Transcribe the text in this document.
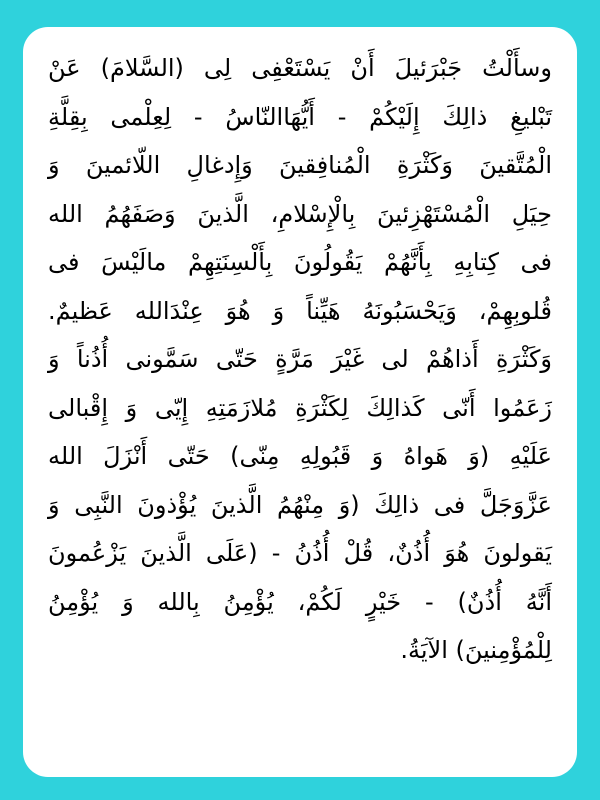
وسأَلْتُ جَبْرَئيلَ أَنْ يَسْتَعْفِى لِى (السَّلامَ) عَنْ
تَبْليغِ ذالِكَ إِلَيْكُمْ - أَيُّهَاالنّاسُ - لِعِلْمى بِقِلَّةِ
الْمُتَّقينَ وَكَثْرَةِ الْمُنافِقينَ وَإِدغالِ اللّائمينَ وَ
حِيَلِ الْمُسْتَهْزِئينَ بِالْإِسْلامِ، الَّذينَ وَصَفَهُمُ الله
فى كِتابِهِ بِأَنَّهُمْ يَقُولُونَ بِأَلْسِنَتِهِمْ مالَيْسَ فى
قُلوبِهِمْ، وَيَحْسَبُونَهُ هَيِّناً وَ هُوَ عِنْدَالله عَظيمٌ.
وَكَثْرَةِ أَذاهُمْ لى غَيْرَ مَرَّةٍ حَتّى سَمَّونى أُذُناً وَ
زَعَمُوا أَنّى كَذالِكَ لِكَثْرَةِ مُلازَمَتِهِ إِيّى وَ إِقْبالى
عَلَيْهِ (وَ هَواهُ وَ قَبُولِهِ مِنّى) حَتّى أَنْزَلَ الله
عَزَّوَجَلَّ فى ذالِكَ (وَ مِنْهُمُ الَّذينَ يُؤْذونَ النَّبِى وَ
يَقولونَ هُوَ أُذُنٌ، قُلْ أُذُنُ - (عَلَى الَّذينَ يَزْعُمونَ
أَنَّهُ أُذُنٌ) - خَيْرٍ لَكُمْ، يُؤْمِنُ بِالله وَ يُؤْمِنُ
لِلْمُؤْمِنينَ) الآيَةُ.
